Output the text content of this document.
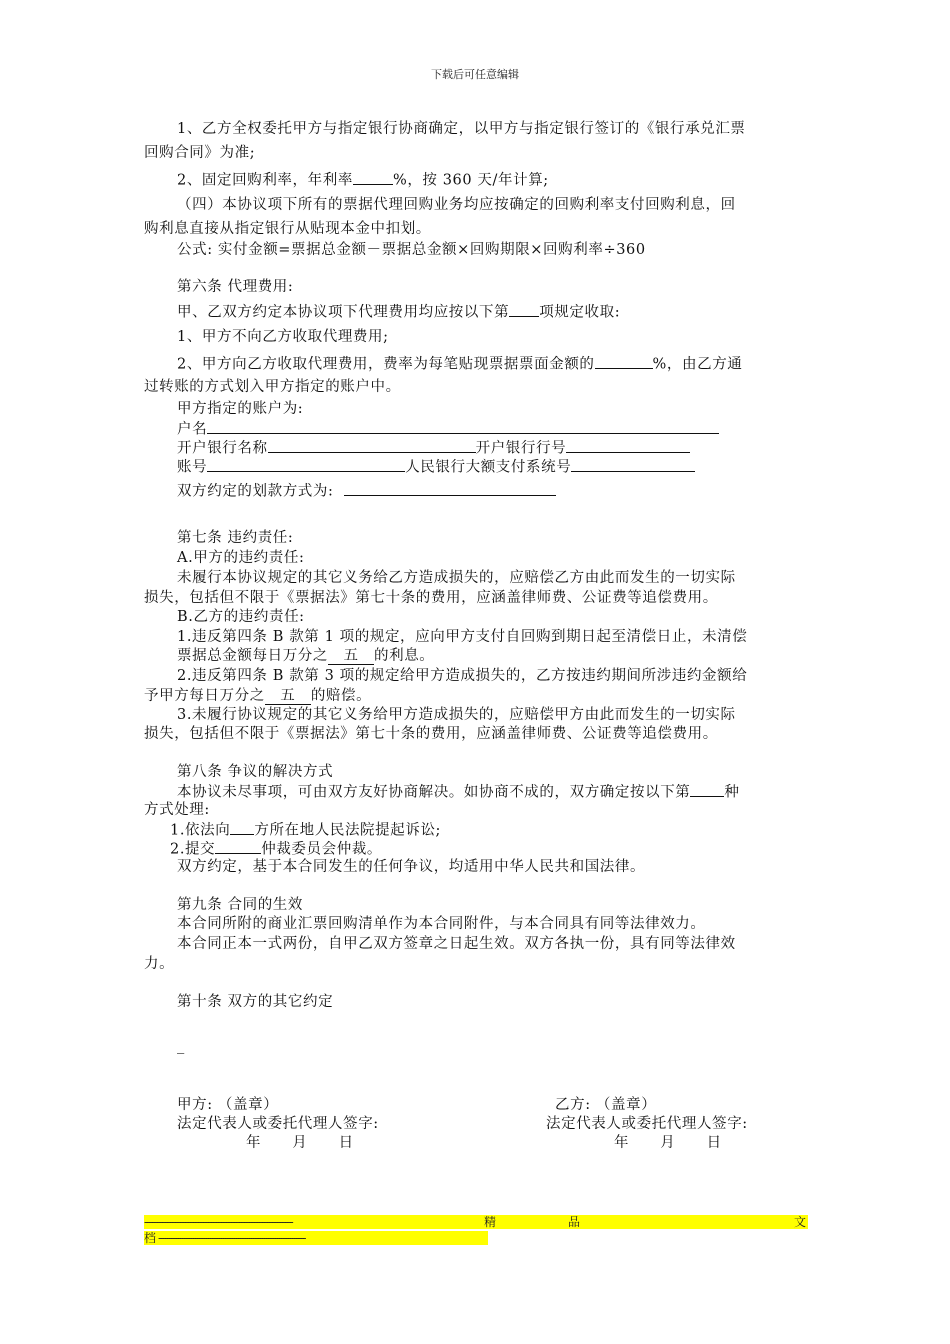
下载后可任意编辑
1、乙方全权委托甲方与指定银行协商确定，以甲方与指定银行签订的《银行承兑汇票
回购合同》为准;
2、固定回购利率，年利率	%，按 360 天/年计算;
（四）本协议项下所有的票据代理回购业务均应按确定的回购利率支付回购利息，回
购利息直接从指定银行从贴现本金中扣划。
公式: 实付金额=票据总金额－票据总金额×回购期限×回购利率÷360
第六条 代理费用:
甲、乙双方约定本协议项下代理费用均应按以下第 项规定收取:
1、甲方不向乙方收取代理费用;
2、甲方向乙方收取代理费用，费率为每笔贴现票据票面金额的	%，由乙方通
过转账的方式划入甲方指定的账户中。
甲方指定的账户为:
户名
开户银行名称	开户银行行号
账号	人民银行大额支付系统号
双方约定的划款方式为:
第七条 违约责任:
A.甲方的违约责任:
未履行本协议规定的其它义务给乙方造成损失的，应赔偿乙方由此而发生的一切实际
损失，包括但不限于《票据法》第七十条的费用，应涵盖律师费、公证费等追偿费用。
B.乙方的违约责任:
1.违反第四条 B 款第 1 项的规定，应向甲方支付自回购到期日起至清偿日止，未清偿
票据总金额每日万分之 五 的利息。
2.违反第四条 B 款第 3 项的规定给甲方造成损失的，乙方按违约期间所涉违约金额给
予甲方每日万分之 五 的赔偿。
3.未履行协议规定的其它义务给甲方造成损失的，应赔偿甲方由此而发生的一切实际
损失，包括但不限于《票据法》第七十条的费用，应涵盖律师费、公证费等追偿费用。
第八条 争议的解决方式
本协议未尽事项，可由双方友好协商解决。如协商不成的，双方确定按以下第 种
方式处理:
1.依法向 方所在地人民法院提起诉讼;
2.提交	仲裁委员会仲裁。
双方约定，基于本合同发生的任何争议，均适用中华人民共和国法律。
第九条 合同的生效
本合同所附的商业汇票回购清单作为本合同附件，与本合同具有同等法律效力。
本合同正本一式两份，自甲乙双方签章之日起生效。双方各执一份，具有同等法律效
力。
第十条 双方的其它约定
_
甲方: （盖章）	乙方: （盖章）
法定代表人或委托代理人签字:	法定代表人或委托代理人签字:
年 月 日	年 月 日
----------------------------------------------------------	精	品	文
档 --------------------------------------------------------------------
